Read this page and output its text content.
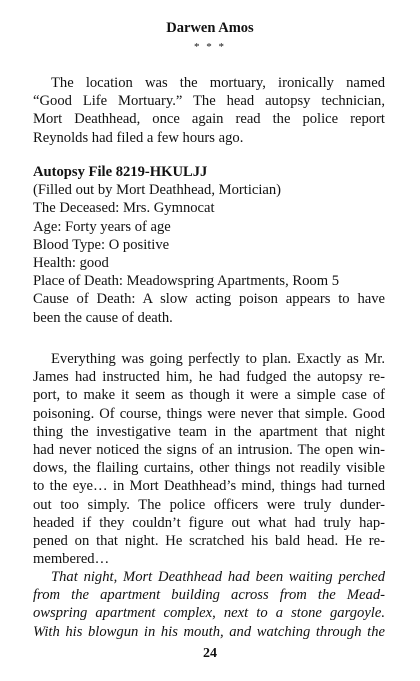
Darwen Amos
* * *
The location was the mortuary, ironically named
“Good Life Mortuary.” The head autopsy technician,
Mort Deathhead, once again read the police report
Reynolds had filed a few hours ago.
Autopsy File 8219-HKULJJ
(Filled out by Mort Deathhead, Mortician)
The Deceased: Mrs. Gymnocat
Age: Forty years of age
Blood Type: O positive
Health: good
Place of Death: Meadowspring Apartments, Room 5
Cause of Death: A slow acting poison appears to have
been the cause of death.
Everything was going perfectly to plan. Exactly as Mr.
James had instructed him, he had fudged the autopsy re-
port, to make it seem as though it were a simple case of
poisoning. Of course, things were never that simple. Good
thing the investigative team in the apartment that night
had never noticed the signs of an intrusion. The open win-
dows, the flailing curtains, other things not readily visible
to the eye… in Mort Deathhead’s mind, things had turned
out too simply. The police officers were truly dunder-
headed if they couldn’t figure out what had truly hap-
pened on that night. He scratched his bald head. He re-
membered…
That night, Mort Deathhead had been waiting perched
from the apartment building across from the Mead-
owspring apartment complex, next to a stone gargoyle.
With his blowgun in his mouth, and watching through the
24
